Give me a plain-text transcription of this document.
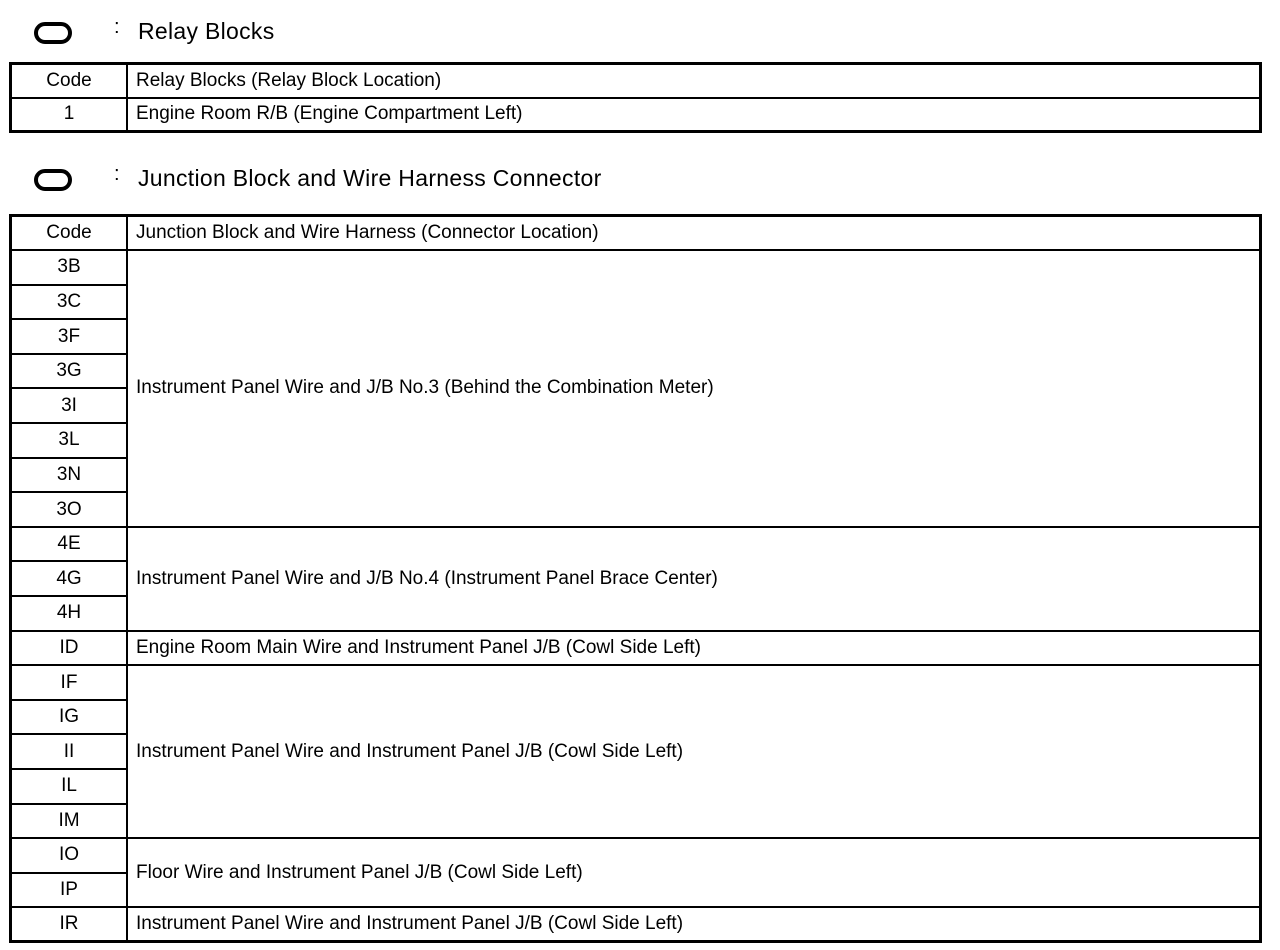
: Relay Blocks
Code	Relay Blocks (Relay Block Location)
1	Engine Room R/B (Engine Compartment Left)
: Junction Block and Wire Harness Connector
Code	Junction Block and Wire Harness (Connector Location)
3B	Instrument Panel Wire and J/B No.3 (Behind the Combination Meter)
3C	
3F	
3G	
3I	
3L	
3N	
3O	
4E	Instrument Panel Wire and J/B No.4 (Instrument Panel Brace Center)
4G	
4H	
ID	Engine Room Main Wire and Instrument Panel J/B (Cowl Side Left)
IF	Instrument Panel Wire and Instrument Panel J/B (Cowl Side Left)
IG	
II	
IL	
IM	
IO	Floor Wire and Instrument Panel J/B (Cowl Side Left)
IP	
IR	Instrument Panel Wire and Instrument Panel J/B (Cowl Side Left)
